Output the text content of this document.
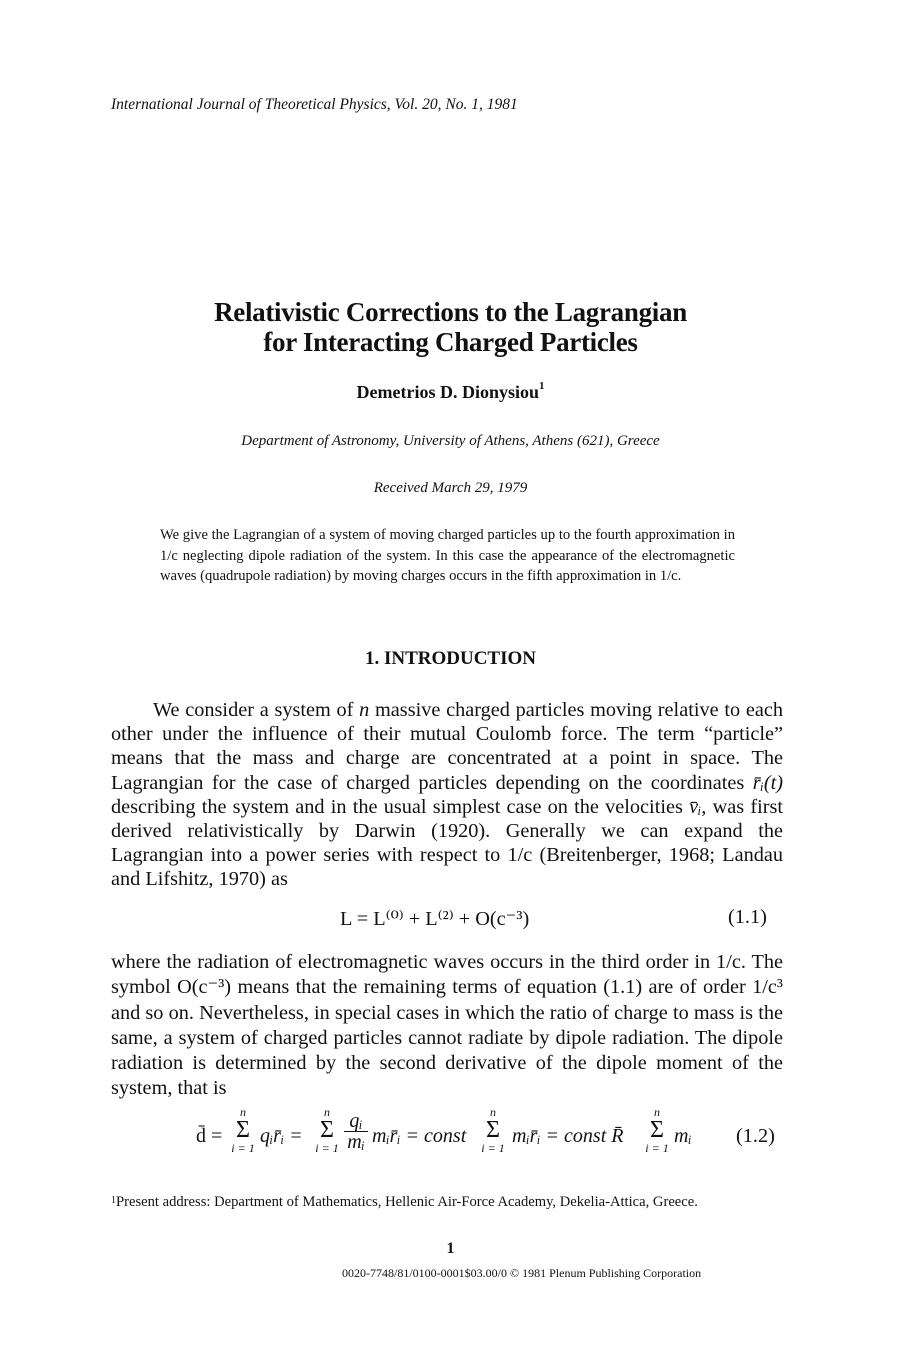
International Journal of Theoretical Physics, Vol. 20, No. 1, 1981
Relativistic Corrections to the Lagrangian
for Interacting Charged Particles
Demetrios D. Dionysiou$^1$
Department of Astronomy, University of Athens, Athens (621), Greece
Received March 29, 1979
We give the Lagrangian of a system of moving charged particles up to the fourth approximation in 1/c neglecting dipole radiation of the system. In this case the appearance of the electromagnetic waves (quadrupole radiation) by moving charges occurs in the fifth approximation in 1/c.
1. INTRODUCTION
We consider a system of n massive charged particles moving relative to each other under the influence of their mutual Coulomb force. The term “particle” means that the mass and charge are concentrated at a point in space. The Lagrangian for the case of charged particles depending on the coordinates r̄ᵢ(t) describing the system and in the usual simplest case on the velocities v̄ᵢ, was first derived relativistically by Darwin (1920). Generally we can expand the Lagrangian into a power series with respect to 1/c (Breitenberger, 1968; Landau and Lifshitz, 1970) as
L = L⁽⁰⁾ + L⁽²⁾ + O(c⁻³)	(1.1)
where the radiation of electromagnetic waves occurs in the third order in 1/c. The symbol O(c⁻³) means that the remaining terms of equation (1.1) are of order 1/c³ and so on. Nevertheless, in special cases in which the ratio of charge to mass is the same, a system of charged particles cannot radiate by dipole radiation. The dipole radiation is determined by the second derivative of the dipole moment of the system, that is
d̄ =
n
Σ
i = 1
qᵢr̄ᵢ =
n
Σ
$i = 1 \frac{\text{qᵢ}}{\text{mᵢ}}$ mᵢr̄ᵢ = const
n
Σ
i = 1
mᵢr̄ᵢ = const R̄
n
Σ
i = 1
mᵢ (1.2)
$^1$Present address: Department of Mathematics, Hellenic Air-Force Academy, Dekelia-Attica, Greece.
1
0020-7748/81/0100-0001$03.00/0 © 1981 Plenum Publishing Corporation
